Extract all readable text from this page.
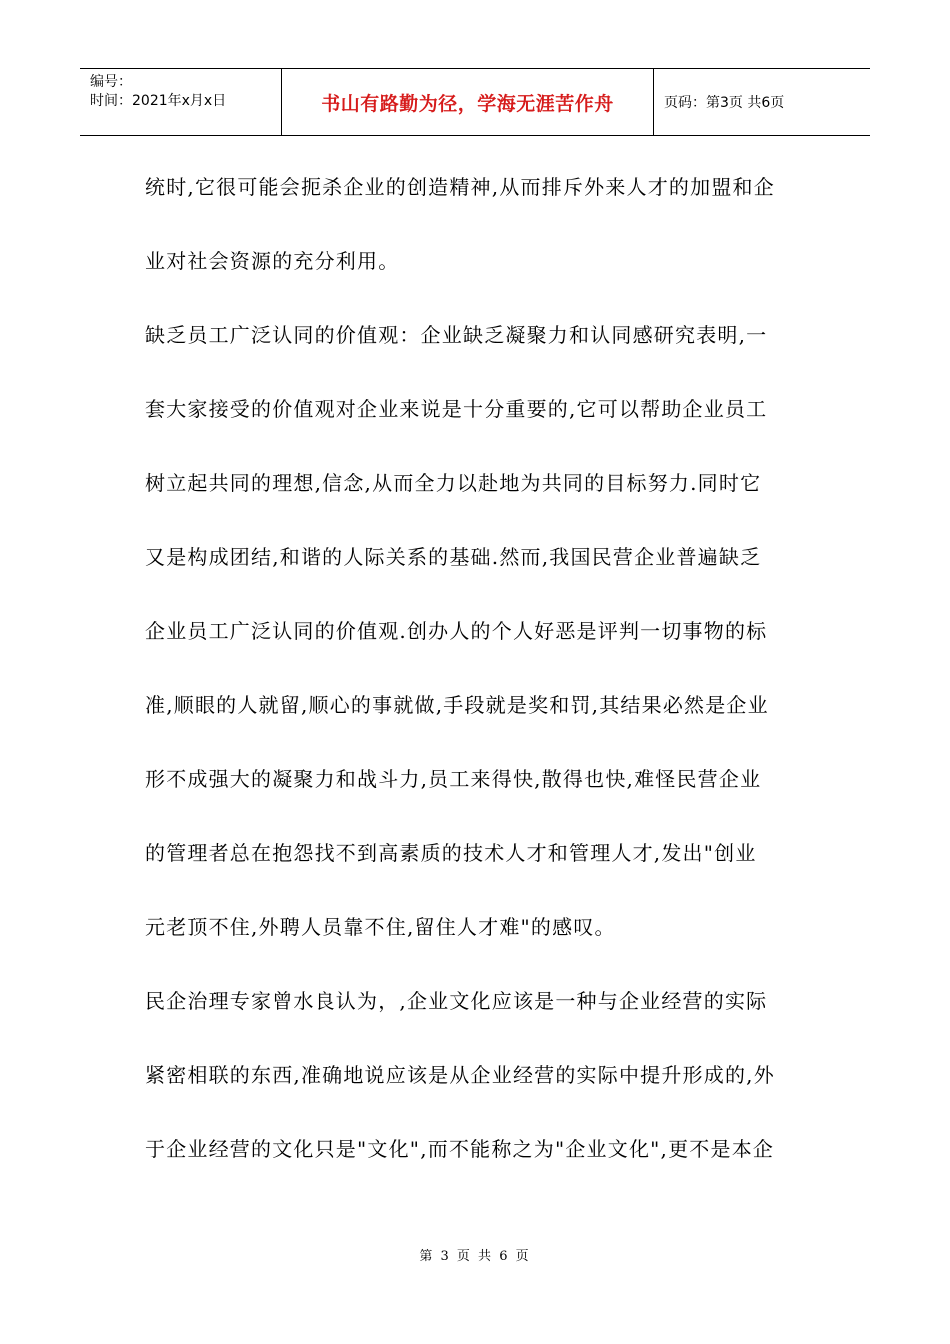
编号：
时间：2021年x月x日	书山有路勤为径，学海无涯苦作舟	页码：第3页 共6页

统时,它很可能会扼杀企业的创造精神,从而排斥外来人才的加盟和企

业对社会资源的充分利用。

缺乏员工广泛认同的价值观：企业缺乏凝聚力和认同感研究表明,一

套大家接受的价值观对企业来说是十分重要的,它可以帮助企业员工

树立起共同的理想,信念,从而全力以赴地为共同的目标努力.同时它

又是构成团结,和谐的人际关系的基础.然而,我国民营企业普遍缺乏

企业员工广泛认同的价值观.创办人的个人好恶是评判一切事物的标

准,顺眼的人就留,顺心的事就做,手段就是奖和罚,其结果必然是企业

形不成强大的凝聚力和战斗力,员工来得快,散得也快,难怪民营企业

的管理者总在抱怨找不到高素质的技术人才和管理人才,发出"创业

元老顶不住,外聘人员靠不住,留住人才难"的感叹。

民企治理专家曾水良认为，,企业文化应该是一种与企业经营的实际

紧密相联的东西,准确地说应该是从企业经营的实际中提升形成的,外

于企业经营的文化只是"文化",而不能称之为"企业文化",更不是本企

第 3 页 共 6 页
